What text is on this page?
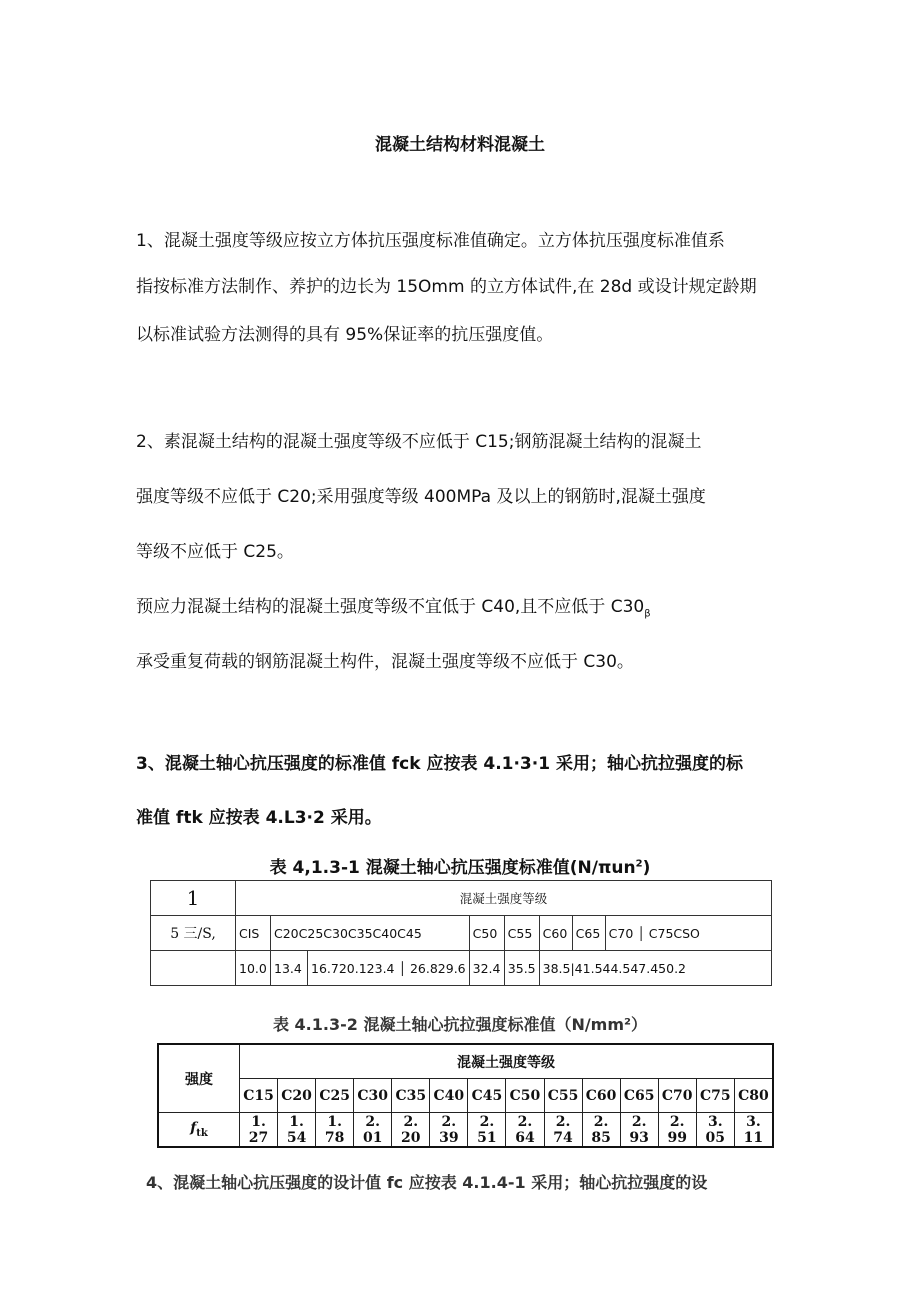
混凝土结构材料混凝土

1、混凝土强度等级应按立方体抗压强度标准值确定。立方体抗压强度标准值系

指按标准方法制作、养护的边长为 15Omm 的立方体试件,在 28d 或设计规定龄期

以标准试验方法测得的具有 95%保证率的抗压强度值。

2、素混凝土结构的混凝土强度等级不应低于 C15;钢筋混凝土结构的混凝土

强度等级不应低于 C20;采用强度等级 400MPa 及以上的钢筋时,混凝土强度

等级不应低于 C25。

预应力混凝土结构的混凝土强度等级不宜低于 C40,且不应低于 $C30_\beta$

承受重复荷载的钢筋混凝土构件，混凝土强度等级不应低于 C30。

3、混凝土轴心抗压强度的标准值 fck 应按表 4.1·3·1 采用；轴心抗拉强度的标

准值 ftk 应按表 4.L3·2 采用。

表 4,1.3-1 混凝土轴心抗压强度标准值(N∕πun$^2$)
1	混凝土强度等级							
5 三/S,	CIS	C20C25C30C35C40C45		C50	C55	C60	C65	C70 │ C75CSO
	10.0	13.4	16.720.123.4 │ 26.829.6	32.4	35.5	38.5|41.544.547.450.2		
表 4.1.3-2 混凝土轴心抗拉强度标准值（N/mm²）
强度	混凝土强度等级													
	C15	C20	C25	C30	C35	C40	C45	C50	C55	C60	C65	C70	C75	C80
$f_{tk}$	1. 27	1. 54	1. 78	2. 01	2. 20	2. 39	2. 51	2. 64	2. 74	2. 85	2. 93	2. 99	3. 05	3. 11

4、混凝土轴心抗压强度的设计值 fc 应按表 4.1.4-1 采用；轴心抗拉强度的设
